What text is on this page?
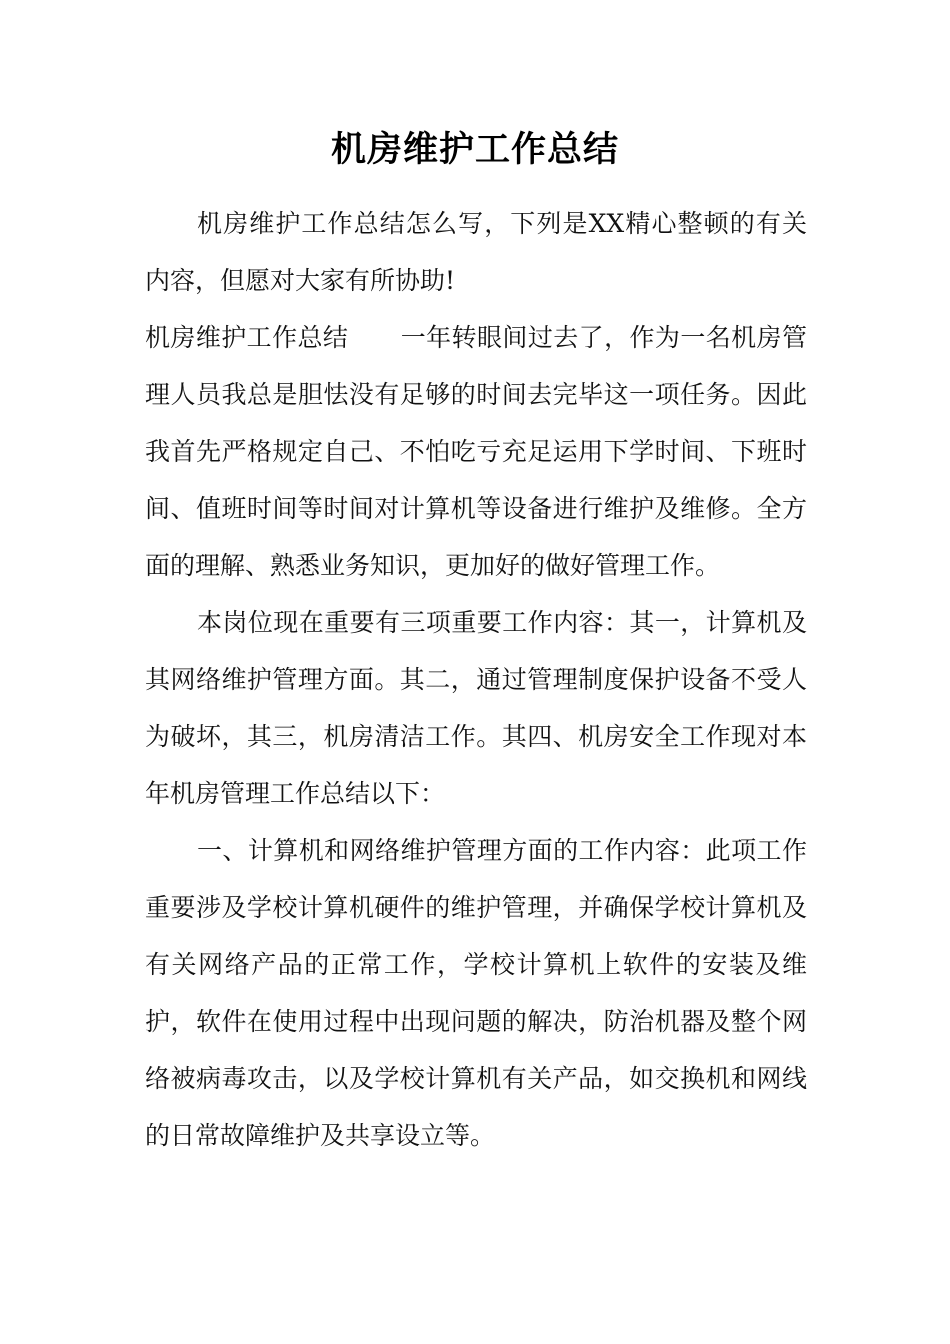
机房维护工作总结

机房维护工作总结怎么写，下列是XX精心整顿的有关内容，但愿对大家有所协助!

机房维护工作总结 一年转眼间过去了，作为一名机房管理人员我总是胆怯没有足够的时间去完毕这一项任务。因此我首先严格规定自己、不怕吃亏充足运用下学时间、下班时间、值班时间等时间对计算机等设备进行维护及维修。全方面的理解、熟悉业务知识，更加好的做好管理工作。

本岗位现在重要有三项重要工作内容：其一，计算机及其网络维护管理方面。其二，通过管理制度保护设备不受人为破坏，其三，机房清洁工作。其四、机房安全工作现对本年机房管理工作总结以下：

一、计算机和网络维护管理方面的工作内容：此项工作重要涉及学校计算机硬件的维护管理，并确保学校计算机及有关网络产品的正常工作，学校计算机上软件的安装及维护，软件在使用过程中出现问题的解决，防治机器及整个网络被病毒攻击，以及学校计算机有关产品，如交换机和网线的日常故障维护及共享设立等。
